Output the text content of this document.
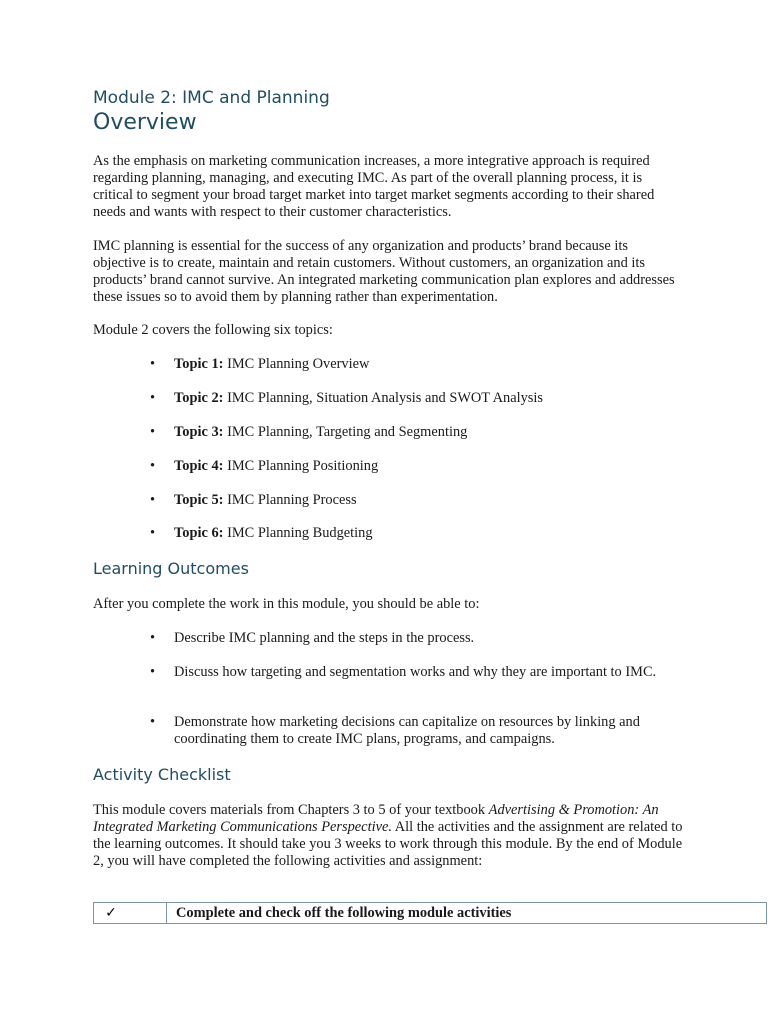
Module 2: IMC and Planning
Overview

As the emphasis on marketing communication increases, a more integrative approach is required regarding planning, managing, and executing IMC. As part of the overall planning process, it is critical to segment your broad target market into target market segments according to their shared needs and wants with respect to their customer characteristics.

IMC planning is essential for the success of any organization and products’ brand because its objective is to create, maintain and retain customers. Without customers, an organization and its products’ brand cannot survive. An integrated marketing communication plan explores and addresses these issues so to avoid them by planning rather than experimentation.

Module 2 covers the following six topics:

•	Topic 1: IMC Planning Overview
•	Topic 2: IMC Planning, Situation Analysis and SWOT Analysis
•	Topic 3: IMC Planning, Targeting and Segmenting
•	Topic 4: IMC Planning Positioning
•	Topic 5: IMC Planning Process
•	Topic 6: IMC Planning Budgeting
Learning Outcomes

After you complete the work in this module, you should be able to:

•	Describe IMC planning and the steps in the process.
•	Discuss how targeting and segmentation works and why they are important to IMC.
•	Demonstrate how marketing decisions can capitalize on resources by linking and coordinating them to create IMC plans, programs, and campaigns.
Activity Checklist

This module covers materials from Chapters 3 to 5 of your textbook Advertising & Promotion: An Integrated Marketing Communications Perspective. All the activities and the assignment are related to the learning outcomes. It should take you 3 weeks to work through this module. By the end of Module 2, you will have completed the following activities and assignment:

✓	Complete and check off the following module activities
